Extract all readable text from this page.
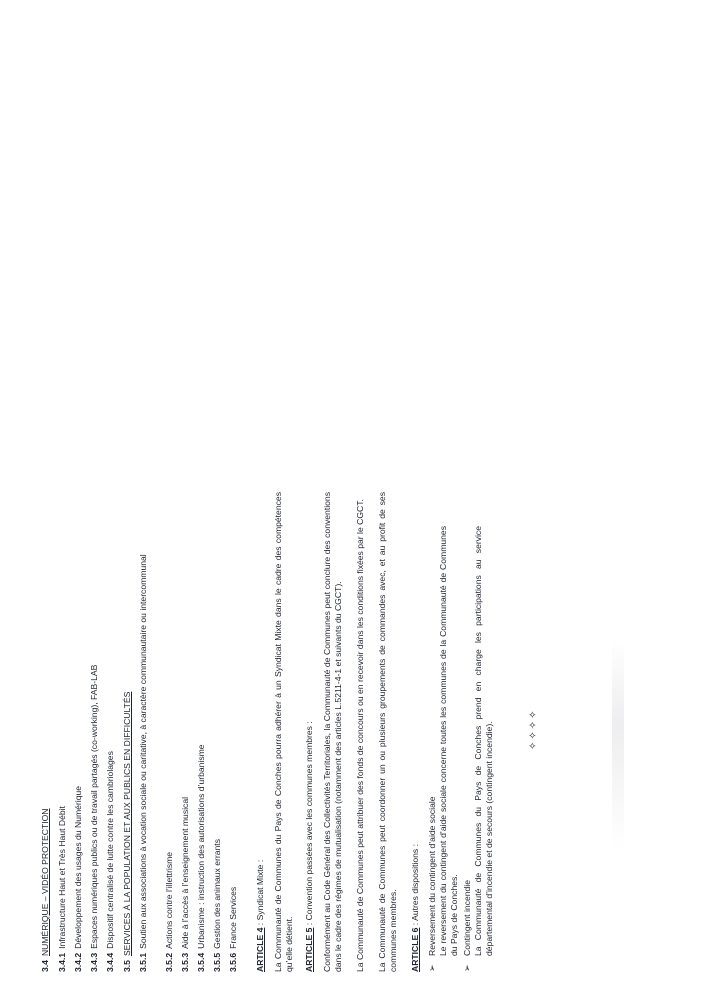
3.4NUMÉRIQUE – VIDÉO PROTECTION
3.4.1Infrastructure Haut et Très Haut Débit
3.4.2Développement des usages du Numérique
3.4.3Espaces numériques publics ou de travail partagés (co-working), FAB-LAB
3.4.4Dispositif centralisé de lutte contre les cambriolages
3.5SERVICES À LA POPULATION ET AUX PUBLICS EN DIFFICULTÉS
3.5.1Soutien aux associations à vocation sociale ou caritative, à caractère communautaire ou intercommunal
3.5.2Actions contre l’illettrisme
3.5.3Aide à l’accès à l’enseignement musical
3.5.4Urbanisme : instruction des autorisations d’urbanisme
3.5.5Gestion des animaux errants
3.5.6France Services
ARTICLE 4 : Syndicat Mixte : La Communauté de Communes du Pays de Conches pourra adhérer à un Syndicat Mixte dans le cadre des compétences qu’elle détient. ARTICLE 5 : Convention passées avec les communes membres : Conformément au Code Général des Collectivités Territoriales, la Communauté de Communes peut conclure des conventions dans le cadre des régimes de mutualisation (notamment des articles L.5211-4-1 et suivants du CGCT). La Communauté de Communes peut attribuer des fonds de concours ou en recevoir dans les conditions fixées par le CGCT. La Communauté de Communes peut coordonner un ou plusieurs groupements de commandes avec, et au profit de ses communes membres. ARTICLE 6 : Autres dispositions :
➢
Reversement du contingent d’aide sociale Le reversement du contingent d’aide sociale concerne toutes les communes de la Communauté de Communes du Pays de Conches.
➢
Contingent incendie La Communauté de Communes du Pays de Conches prend en charge les participations au service départemental d’incendie et de secours (contingent incendie).	✧✧✧✧
